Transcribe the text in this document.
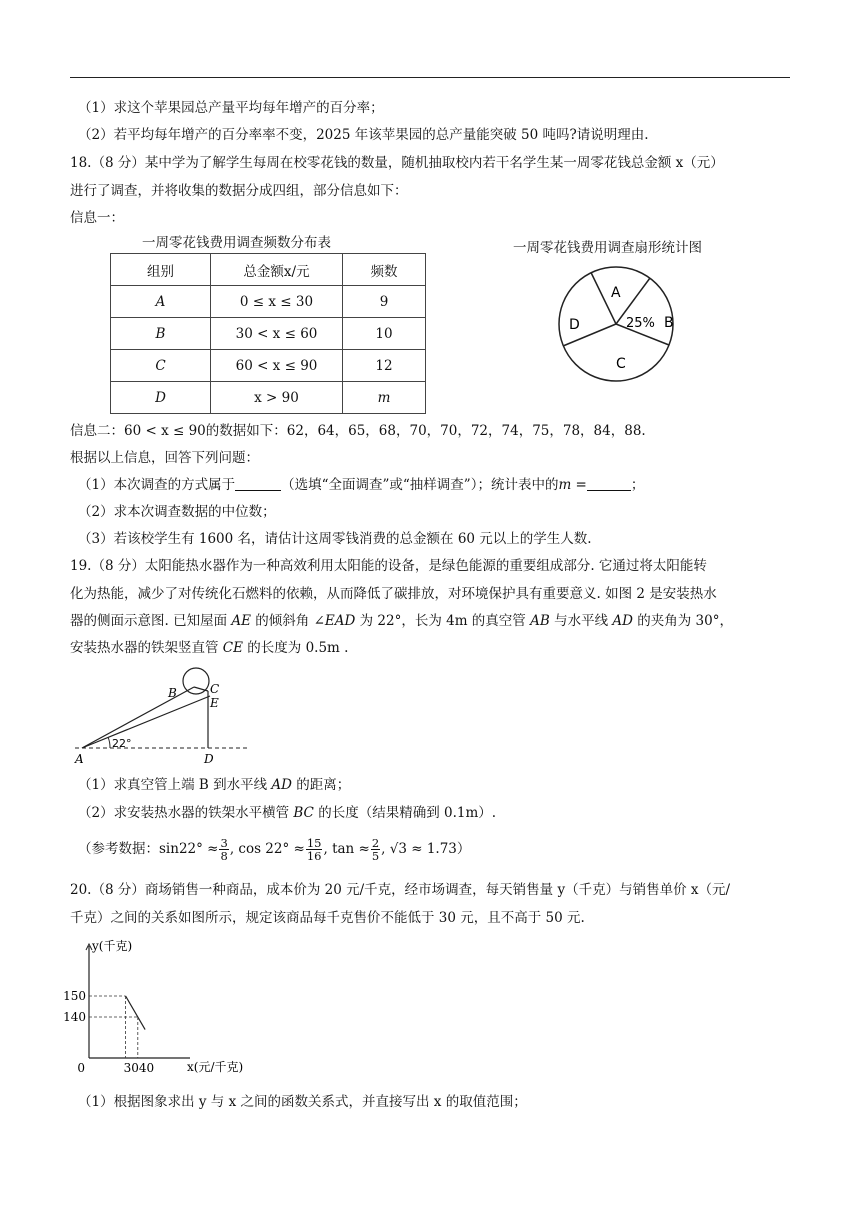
（1）求这个苹果园总产量平均每年增产的百分率；
（2）若平均每年增产的百分率率不变，2025 年该苹果园的总产量能突破 50 吨吗?请说明理由.
18.（8 分）某中学为了解学生每周在校零花钱的数量，随机抽取校内若干名学生某一周零花钱总金额 x（元）
进行了调查，并将收集的数据分成四组，部分信息如下：
信息一：
一周零花钱费用调查频数分布表
组别	总金额x/元	频数
A	0 ≤ x ≤ 30	9
B	30 < x ≤ 60	10
C	60 < x ≤ 90	12
D	x > 90	m
一周零花钱费用调查扇形统计图
A
25% B
C
D
信息二：60 < x ≤ 90的数据如下：62，64，65，68，70，70，72，74，75，78，84，88.
根据以上信息，回答下列问题：
（1）本次调查的方式属于	（选填“全面调查”或“抽样调查”）；统计表中的m =	；
（2）求本次调查数据的中位数；
（3）若该校学生有 1600 名，请估计这周零钱消费的总金额在 60 元以上的学生人数.
19.（8 分）太阳能热水器作为一种高效利用太阳能的设备，是绿色能源的重要组成部分. 它通过将太阳能转
化为热能，减少了对传统化石燃料的依赖，从而降低了碳排放，对环境保护具有重要意义. 如图 2 是安装热水
器的侧面示意图. 已知屋面 AE 的倾斜角 ∠EAD 为 22°，长为 4m 的真空管 AB 与水平线 AD 的夹角为 30°，
安装热水器的铁架竖直管 CE 的长度为 0.5m .
22°
A
B	C
E
D
（1）求真空管上端 B 到水平线 AD 的距离；
（2）求安装热水器的铁架水平横管 BC 的长度（结果精确到 0.1m）.
（参考数据：$\sin 22^\circ \approx \frac{3}{8}$ , $\cos 22^\circ \approx \frac{15}{16}$ , $\tan \approx \frac{2}{5}$ , √3 ≈ 1.73）
20.（8 分）商场销售一种商品，成本价为 20 元/千克，经市场调查，每天销售量 y（千克）与销售单价 x（元/
千克）之间的关系如图所示，规定该商品每千克售价不能低于 30 元，且不高于 50 元.
150
140
0	3040
y(千克)
x(元/千克)
（1）根据图象求出 y 与 x 之间的函数关系式，并直接写出 x 的取值范围；
